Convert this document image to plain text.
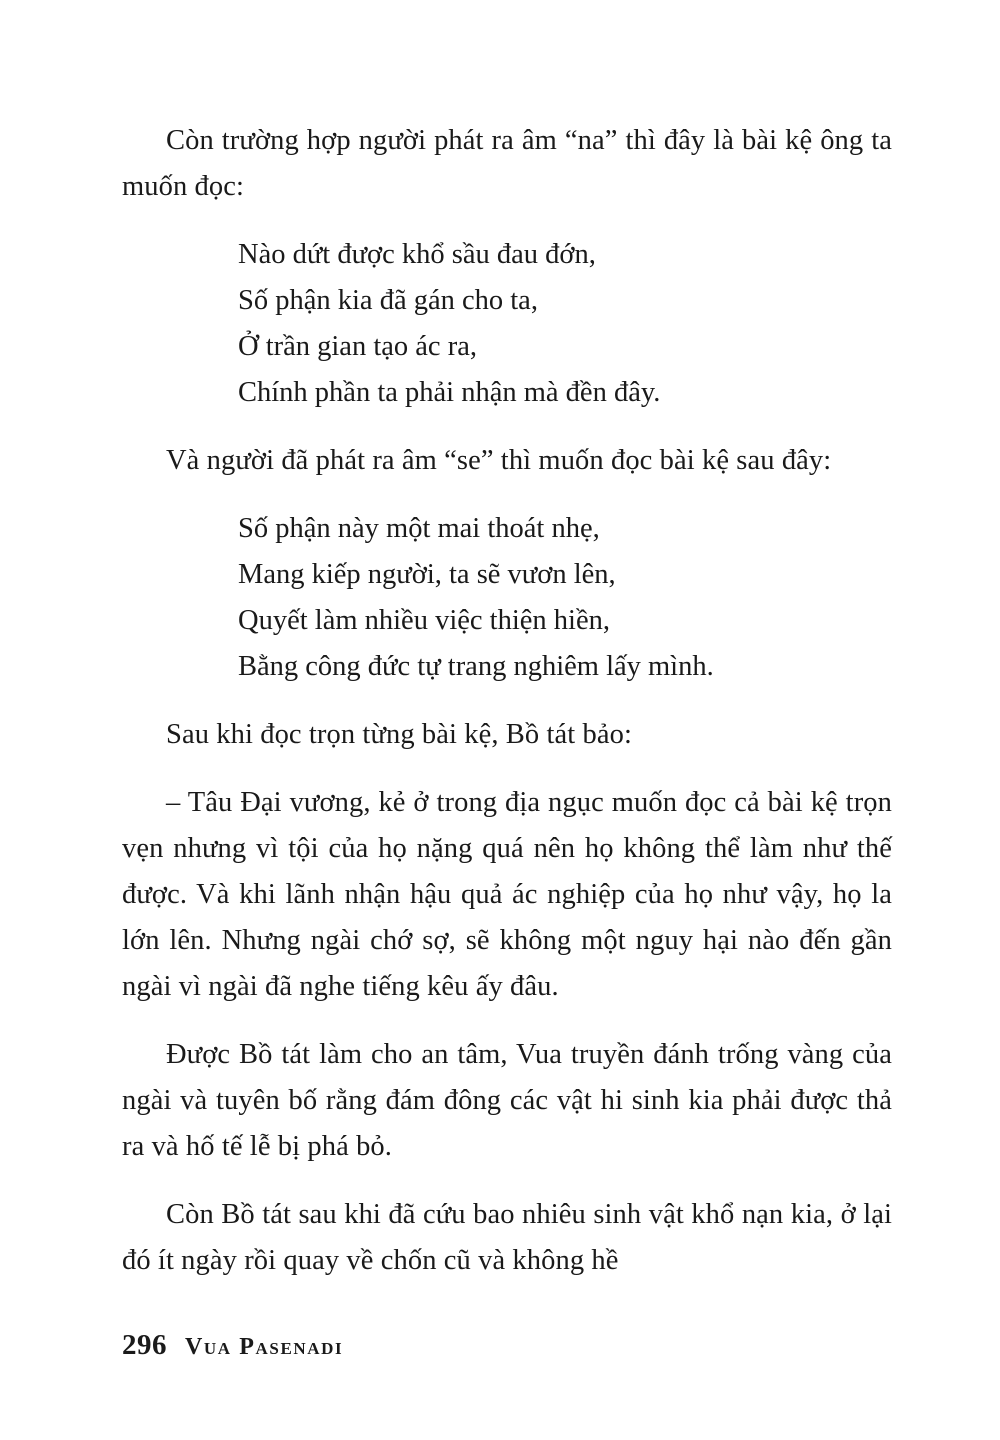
Còn trường hợp người phát ra âm “na” thì đây là bài kệ ông ta muốn đọc:

Nào dứt được khổ sầu đau đớn,
Số phận kia đã gán cho ta,
Ở trần gian tạo ác ra,
Chính phần ta phải nhận mà đền đây.

Và người đã phát ra âm “se” thì muốn đọc bài kệ sau đây:

Số phận này một mai thoát nhẹ,
Mang kiếp người, ta sẽ vươn lên,
Quyết làm nhiều việc thiện hiền,
Bằng công đức tự trang nghiêm lấy mình.

Sau khi đọc trọn từng bài kệ, Bồ tát bảo:

– Tâu Đại vương, kẻ ở trong địa ngục muốn đọc cả bài kệ trọn vẹn nhưng vì tội của họ nặng quá nên họ không thể làm như thế được. Và khi lãnh nhận hậu quả ác nghiệp của họ như vậy, họ la lớn lên. Nhưng ngài chớ sợ, sẽ không một nguy hại nào đến gần ngài vì ngài đã nghe tiếng kêu ấy đâu.

Được Bồ tát làm cho an tâm, Vua truyền đánh trống vàng của ngài và tuyên bố rằng đám đông các vật hi sinh kia phải được thả ra và hố tế lễ bị phá bỏ.

Còn Bồ tát sau khi đã cứu bao nhiêu sinh vật khổ nạn kia, ở lại đó ít ngày rồi quay về chốn cũ và không hề

296 Vua Pasenadi
